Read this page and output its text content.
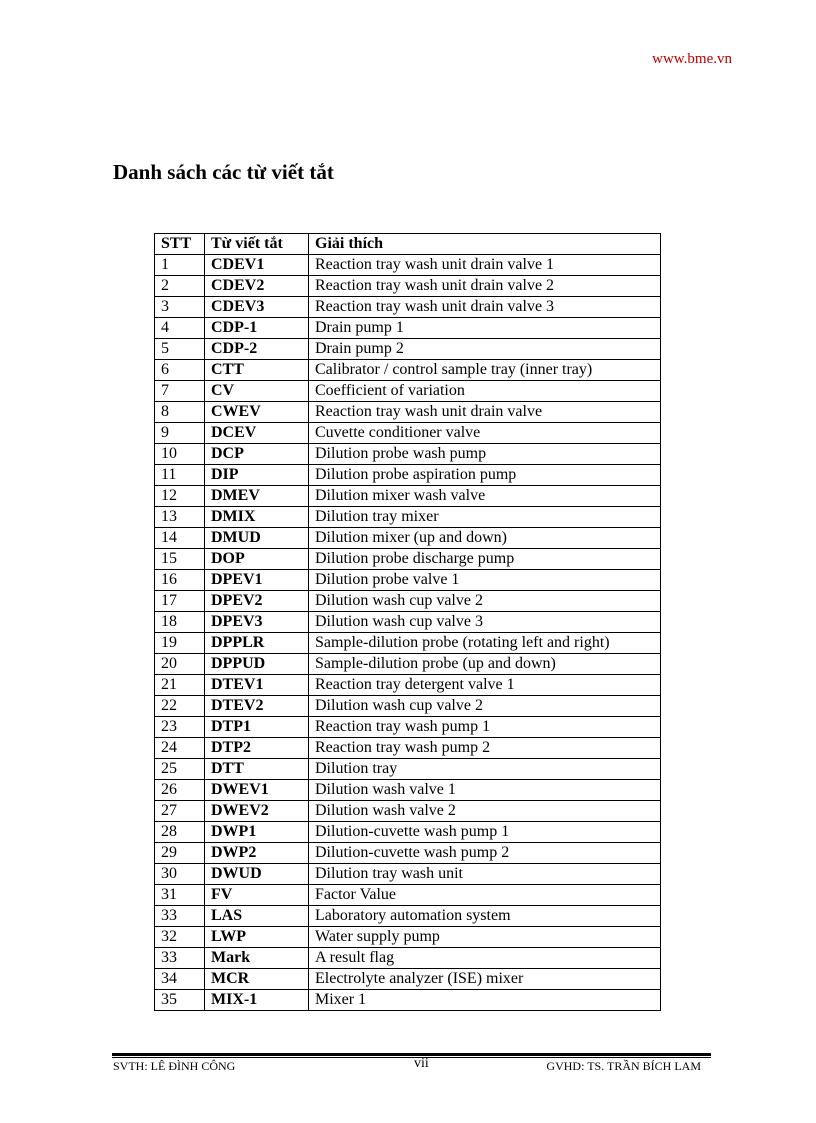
www.bme.vn
Danh sách các từ viết tắt
STT	Từ viết tắt	Giải thích
1	CDEV1	Reaction tray wash unit drain valve 1
2	CDEV2	Reaction tray wash unit drain valve 2
3	CDEV3	Reaction tray wash unit drain valve 3
4	CDP-1	Drain pump 1
5	CDP-2	Drain pump 2
6	CTT	Calibrator / control sample tray (inner tray)
7	CV	Coefficient of variation
8	CWEV	Reaction tray wash unit drain valve
9	DCEV	Cuvette conditioner valve
10	DCP	Dilution probe wash pump
11	DIP	Dilution probe aspiration pump
12	DMEV	Dilution mixer wash valve
13	DMIX	Dilution tray mixer
14	DMUD	Dilution mixer (up and down)
15	DOP	Dilution probe discharge pump
16	DPEV1	Dilution probe valve 1
17	DPEV2	Dilution wash cup valve 2
18	DPEV3	Dilution wash cup valve 3
19	DPPLR	Sample-dilution probe (rotating left and right)
20	DPPUD	Sample-dilution probe (up and down)
21	DTEV1	Reaction tray detergent valve 1
22	DTEV2	Dilution wash cup valve 2
23	DTP1	Reaction tray wash pump 1
24	DTP2	Reaction tray wash pump 2
25	DTT	Dilution tray
26	DWEV1	Dilution wash valve 1
27	DWEV2	Dilution wash valve 2
28	DWP1	Dilution-cuvette wash pump 1
29	DWP2	Dilution-cuvette wash pump 2
30	DWUD	Dilution tray wash unit
31	FV	Factor Value
33	LAS	Laboratory automation system
32	LWP	Water supply pump
33	Mark	A result flag
34	MCR	Electrolyte analyzer (ISE) mixer
35	MIX-1	Mixer 1
SVTH: LÊ ĐÌNH CÔNG	vii	GVHD: TS. TRẦN BÍCH LAM
